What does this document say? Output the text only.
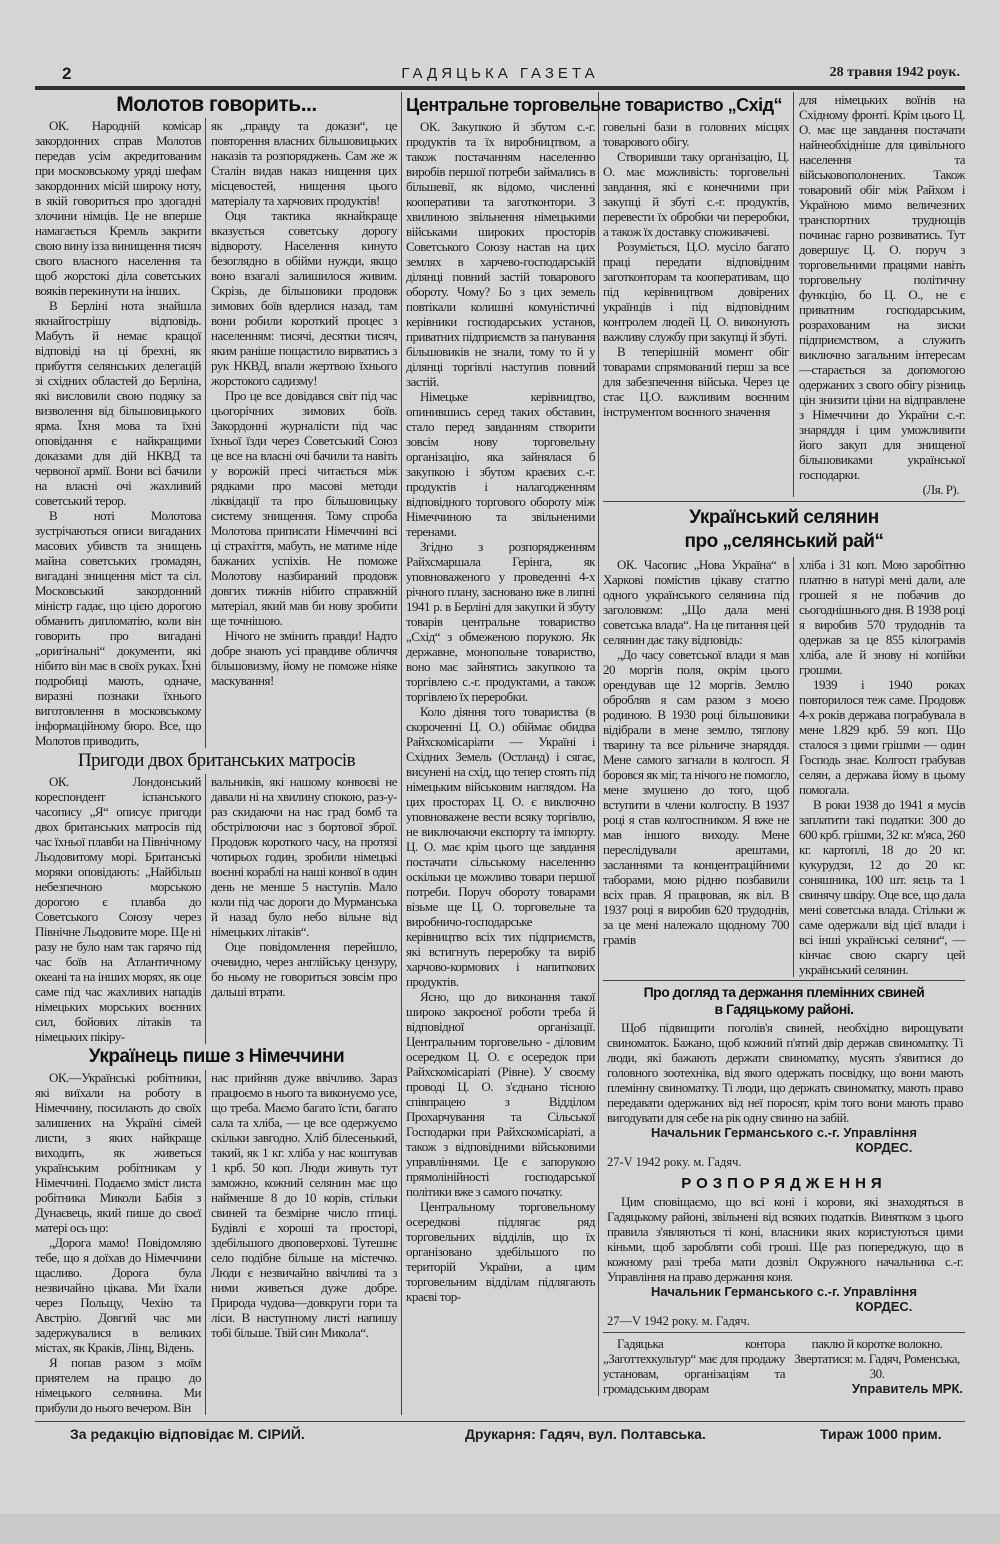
2	ГАДЯЦЬКА ГАЗЕТА	28 травня 1942 роук.
Молотов говорить...

ОК. Народній комісар закордонних справ Молотов передав усім акредитованим при московському уряді шефам закордонних місій широку ноту, в якій говориться про здогадні злочини німців. Це не вперше намагається Кремль закрити свою вину ізза винищення тисяч свого власного населення та щоб жорстокі діла советських вояків перекинути на інших.

В Берліні нота знайшла якнайгострішу відповідь. Мабуть й немає кращої відповіді на ці брехні, як прибуття селянських делегацій зі східних областей до Берліна, які висловили свою подяку за визволення від більшовицького ярма. Їхня мова та їхні оповідання є найкращими доказами для дій НКВД та червоної армії. Вони всі бачили на власні очі жахливий советський терор.

В ноті Молотова зустрічаються описи вигаданих масових убивств та знищень майна советських громадян, вигадані знищення міст та сіл. Московський закордонний міністр гадає, що цією дорогою обманить дипломатію, коли він говорить про вигадані „оригінальні“ документи, які нібито він має в своїх руках. Їхні подробиці мають, одначе, виразні познаки їхнього виготовлення в московському інформаційному бюро. Все, що Молотов приводить,

як „правду та докази“, це повторення власних більшовицьких наказів та розпоряджень. Сам же ж Сталін видав наказ нищення цих місцевостей, нищення цього матеріалу та харчових продуктів!

Оця тактика якнайкраще вказується советську дорогу відвороту. Населення кинуто безоглядно в обійми нужди, якщо воно взагалі залишилося живим. Скрізь, де більшовики продовж зимових боїв вдерлися назад, там вони робили короткий процес з населенням: тисячі, десятки тисяч, яким раніше пощастило вирватись з рук НКВД, впали жертвою їхнього жорстокого садизму!

Про це все довідався світ під час цьогорічних зимових боїв. Закордонні журналісти під час їхньої їзди через Советський Союз це все на власні очі бачили та навіть у ворожій пресі читається між рядками про масові методи ліквідації та про більшовицьку систему знищення. Тому спроба Молотова приписати Німеччині всі ці страхіття, мабуть, не матиме ніде бажаних успіхів. Не поможе Молотову назбираний продовж довгих тижнів нібито справжній матеріал, який мав би нову зробити ще точнішою.

Нічого не змінить правди! Надто добре знають усі правдиве обличчя більшовизму, йому не поможе ніяке маскування!

Пригоди двох британських матросів

ОК. Лондонський кореспондент іспанського часопису „Я“ описує пригоди двох британських матросів під час їхньої плавби на Північному Льодовитому морі. Британські моряки оповідають: „Найбільш небезпечною морською дорогою є плавба до Советського Союзу через Північне Льодовите море. Ще ні разу не було нам так гарячо під час боїв на Атлантичному океані та на інших морях, як оце саме під час жахливих нападів німецьких морських воєнних сил, бойових літаків та німецьких пікіру-

вальників, які нашому конвоєві не давали ні на хвилину спокою, раз-у-раз скидаючи на нас град бомб та обстрілюючи нас з бортової зброї. Продовж короткого часу, на протязі чотирьох годин, зробили німецькі воєнні кораблі на наші конвої в один день не менше 5 наступів. Мало коли під час дороги до Мурманська й назад було небо вільне від німецьких літаків“.

Оце повідомлення перейшло, очевидно, через англійську цензуру, бо ньому не говориться зовсім про дальші втрати.

Українець пише з Німеччини

ОК.—Українські робітники, які виїхали на роботу в Німеччину, посилають до своїх залишених на Україні сімей листи, з яких найкраще виходить, як живеться українським робітникам у Німеччині. Подаємо зміст листа робітника Миколи Бабія з Дунаєвець, який пише до своєї матері ось що:

„Дорога мамо! Повідомляю тебе, що я доїхав до Німеччини щасливо. Дорога була незвичайно цікава. Ми їхали через Польщу, Чехію та Австрію. Довгий час ми задержувалися в великих містах, як Краків, Лінц, Відень.

Я попав разом з моїм приятелем на працю до німецького селянина. Ми прибули до нього вечером. Він

нас прийняв дуже ввічливо. Зараз працюємо в нього та виконуємо усе, що треба. Маємо багато їсти, багато сала та хліба, — це все одержуємо скільки завгодно. Хліб білесенький, такий, як 1 кг. хліба у нас коштував 1 крб. 50 коп. Люди живуть тут заможно, кожний селянин має що найменше 8 до 10 корів, стільки свиней та безмірне число птиці. Будівлі є хороші та просторі, здебільшого двоповерхові. Тутешнє село подібне більше на містечко. Люди є незвичайно ввічливі та з ними живеться дуже добре. Природа чудова—довкруги гори та ліси. В наступному листі напишу тобі більше. Твій син Микола“.

Центральне торговельне товариство „Схід“

ОК. Закупкою й збутом с.-г. продуктів та їх виробництвом, а також постачанням населенню виробів першої потреби займались в більшевії, як відомо, численні кооперативи та заготконтори. З хвилиною звільнення німецькими військами широких просторів Советського Союзу настав на цих землях в харчево-господарській ділянці повний застій товарового обороту. Чому? Бо з цих земель повтікали колишні комуністичні керівники господарських установ, приватних підприємств за панування більшовиків не знали, тому то й у ділянці торгівлі наступив повний застій.

Німецьке керівництво, опинившись серед таких обставин, стало перед завданням створити зовсім нову торговельну організацію, яка зайнялася б закупкою і збутом краєвих с.-г. продуктів і налагодженням відповідного торгового обороту між Німеччиною та звільненими теренами.

Згідно з розпорядженням Райхсмаршала Герінга, як уповноваженого у проведенні 4-х річного плану, засновано вже в липні 1941 р. в Берліні для закупки й збуту товарів центральне товариство „Схід“ з обмеженою порукою. Як державне, монопольне товариство, воно має зайнятись закупкою та торгівлею с.-г. продуктами, а також торгівлею їх переробки.

Коло діяння того товариства (в скороченні Ц. О.) обіймає обидва Райхскомісаріати — Україні і Східних Земель (Остланд) і сягає, висунені на схід, що тепер стоять під німецьким військовим наглядом. На цих просторах Ц. О. є виключно уповноважене вести всяку торгівлю, не виключаючи експорту та імпорту. Ц. О. має крім цього ще завдання постачати сільському населенню оскільки це можливо товари першої потреби. Поруч обороту товарами візьме ще Ц. О. торговельне та виробничо-господарське керівництво всіх тих підприємств, які встигнуть переробку та виріб харчово-кормових і напиткових продуктів.

Ясно, що до виконання такої широко закроєної роботи треба й відповідної організації. Центральним торговельно - діловим осередком Ц. О. є осередок при Райхскомісаріаті (Рівне). У своєму проводі Ц. О. з'єднано тісною співпрацею з Відділом Прохарчування та Сільської Господарки при Райхскомісаріаті, а також з відповідними військовими управліннями. Це є запорукою прямолінійності господарської політики вже з самого початку.

Центральному торговельному осередкові підлягає ряд торговельних відділів, що їх організовано здебільшого по територій України, а цим торговельним відділам підлягають краєві тор-

говельні бази в головних місцях товарового обігу.

Створивши таку організацію, Ц. О. має можливість: торговельні завдання, які є конечними при закупці й збуті с.-г. продуктів, перевести їх обробки чи переробки, а також їх доставку споживачеві.

Розуміється, Ц.О. мусіло багато праці передати відповідним заготконторам та кооперативам, що під керівництвом довірених українців і під відповідним контролем людей Ц. О. виконують важливу службу при закупці й збуті.

В теперішній момент обіг товарами спрямований перш за все для забезпечення війська. Через це стає Ц.О. важливим воєнним інструментом воєнного значення

для німецьких воїнів на Східному фронті. Крім цього Ц. О. має ще завдання постачати найнеобхідніше для цивільного населення та військовополонених. Також товаровий обіг між Райхом і Україною мимо величезних транспортних труднощів починає гарно розвиватись. Тут довершує Ц. О. поруч з торговельними працями навіть торговельну політичну функцію, бо Ц. О., не є приватним господарським, розрахованим на зиски підприємством, а служить виключно загальним інтересам—старається за допомогою одержаних з свого обігу різниць цін знизити ціни на відправлене з Німеччини до України с.-г. знаряддя і цим уможливити його закуп для знищеної більшовиками української господарки.

(Ля. Р).
Український селянин
про „селянський рай“

ОК. Часопис „Нова Україна“ в Харкові помістив цікаву статтю одного українського селянина під заголовком: „Що дала мені советська влада“. На це питання цей селянин дає таку відповідь:

„До часу советської влади я мав 20 моргів поля, окрім цього орендував ще 12 моргів. Землю обробляв я сам разом з моєю родиною. В 1930 році більшовики відібрали в мене землю, тяглову тварину та все рільниче знаряддя. Мене самого загнали в колгосп. Я боровся як міг, та нічого не помогло, мене змушено до того, щоб вступити в члени колгоспу. В 1937 році я став колгоспником. Я вже не мав іншого виходу. Мене переслідували арештами, засланнями та концентраційними таборами, мою рідню позбавили всіх прав. Я працював, як віл. В 1937 році я виробив 620 трудоднів, за це мені належало щодному 700 грамів

хліба і 31 коп. Мою заробітню платню в натурі мені дали, але грошей я не побачив до сьогоднішнього дня. В 1938 році я виробив 570 трудоднів та одержав за це 855 кілограмів хліба, але й знову ні копійки грошми.

1939 і 1940 роках повторилося теж саме. Продовж 4-х років держава пограбувала в мене 1.829 крб. 59 коп. Що сталося з цими грішми — один Господь знає. Колгосп грабував селян, а держава йому в цьому помогала.

В роки 1938 до 1941 я мусів заплатити такі податки: 300 до 600 крб. грішми, 32 кг. м'яса, 260 кг. картоплі, 18 до 20 кг. кукурудзи, 12 до 20 кг. соняшника, 100 шт. яєць та 1 свинячу шкіру. Оце все, що дала мені советська влада. Стільки ж саме одержали від цієї влади і всі інші українські селяни“, — кінчає свою скаргу цей український селянин.

Про догляд та держання племінних свиней
в Гадяцькому районі.

Щоб підвищити поголів'я свиней, необхідно вирощувати свиноматок. Бажано, щоб кожний п'ятий двір держав свиноматку. Ті люди, які бажають держати свиноматку, мусять з'явитися до головного зоотехніка, від якого одержать посвідку, що вони мають племінну свиноматку. Ті люди, що держать свиноматку, мають право передавати одержаних від неї поросят, крім того вони мають право вигодувати для себе на рік одну свиню на забій.

Начальник Германського с.-г. Управління
КОРДЕС.
27-V 1942 року. м. Гадяч.
РОЗПОРЯДЖЕННЯ

Цим сповіщаємо, що всі коні і корови, які знаходяться в Гадяцькому районі, звільнені від всяких податків. Винятком з цього правила з'являються ті коні, власники яких користуються цими кіньми, щоб заробляти собі гроші. Ще раз попереджую, що в кожному разі треба мати дозвіл Окружного начальника с.-г. Управління на право держання коня.

Начальник Германського с.-г. Управління
КОРДЕС.
27—V 1942 року. м. Гадяч.

Гадяцька контора „Заготтехкультур“ має для продажу установам, організаціям та громадським дворам

паклю й коротке волокно. Звертатися: м. Гадяч, Роменська, 30.

Управитель МРК.
За редакцію відповідає М. СІРИЙ.	Друкарня: Гадяч, вул. Полтавська.	Тираж 1000 прим.
